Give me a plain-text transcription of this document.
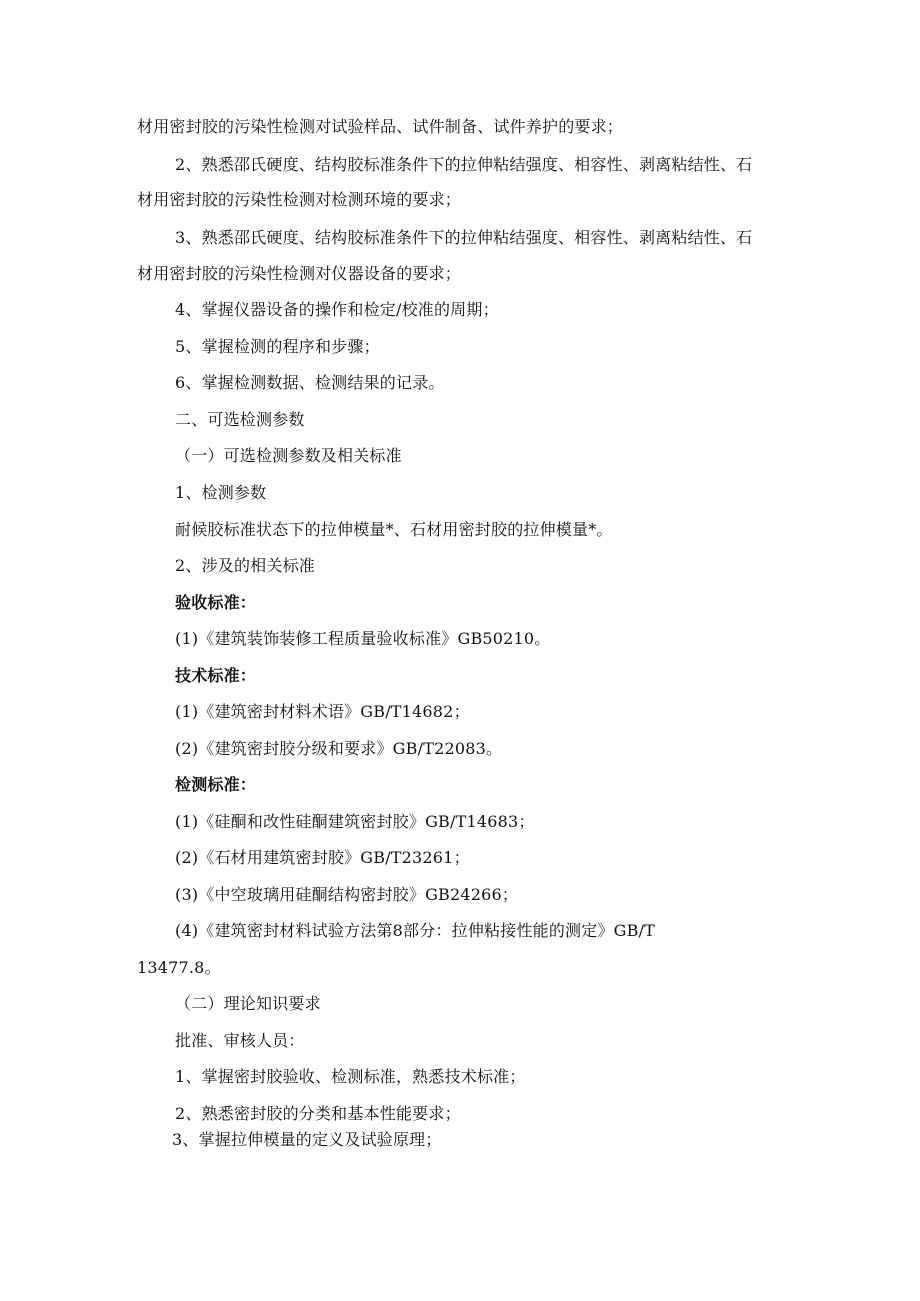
材用密封胶的污染性检测对试验样品、试件制备、试件养护的要求；
2、熟悉邵氏硬度、结构胶标准条件下的拉伸粘结强度、相容性、剥离粘结性、石
材用密封胶的污染性检测对检测环境的要求；
3、熟悉邵氏硬度、结构胶标准条件下的拉伸粘结强度、相容性、剥离粘结性、石
材用密封胶的污染性检测对仪器设备的要求；
4、掌握仪器设备的操作和检定/校准的周期；
5、掌握检测的程序和步骤；
6、掌握检测数据、检测结果的记录。
二、可选检测参数
（一）可选检测参数及相关标准
1、检测参数
耐候胶标准状态下的拉伸模量*、石材用密封胶的拉伸模量*。
2、涉及的相关标准
验收标准：
(1)《建筑装饰装修工程质量验收标准》GB50210。
技术标准：
(1)《建筑密封材料术语》GB/T14682；
(2)《建筑密封胶分级和要求》GB/T22083。
检测标准：
(1)《硅酮和改性硅酮建筑密封胶》GB/T14683；
(2)《石材用建筑密封胶》GB/T23261；
(3)《中空玻璃用硅酮结构密封胶》GB24266；
(4)《建筑密封材料试验方法第8部分：拉伸粘接性能的测定》GB/T
13477.8。
（二）理论知识要求
批准、审核人员：
1、掌握密封胶验收、检测标准，熟悉技术标准；
2、熟悉密封胶的分类和基本性能要求；
3、掌握拉伸模量的定义及试验原理；
